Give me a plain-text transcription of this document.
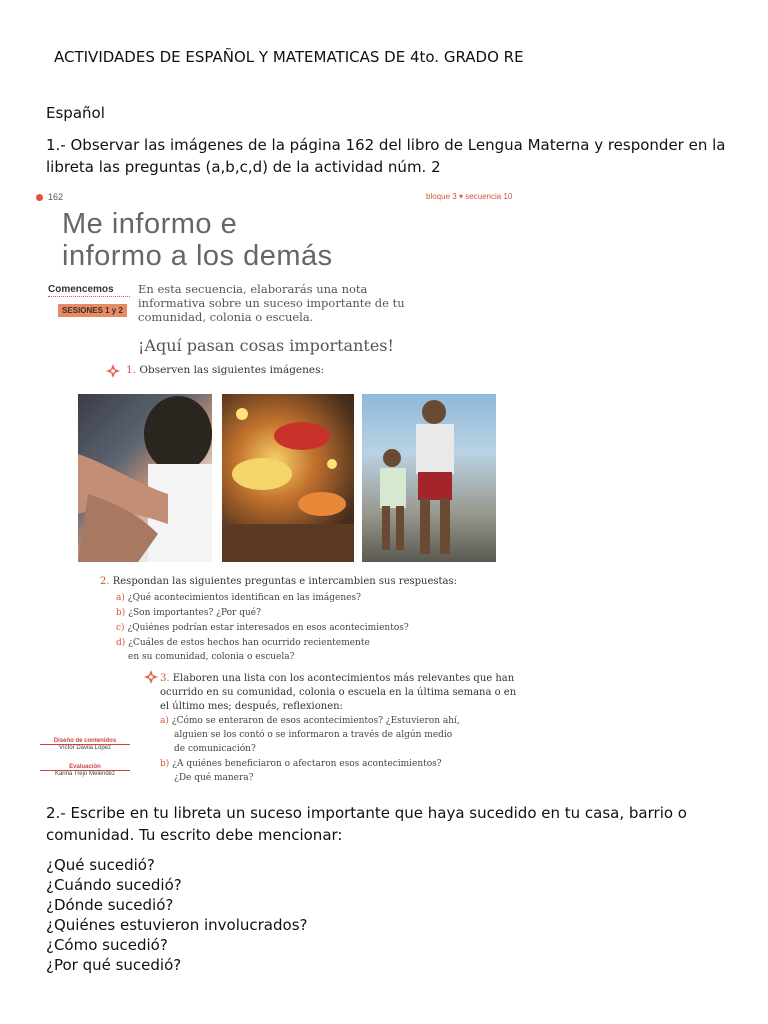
ACTIVIDADES DE ESPAÑOL Y MATEMATICAS DE 4to. GRADO RE
Español
1.- Observar las imágenes de la página 162 del libro de Lengua Materna y responder en la libreta las preguntas (a,b,c,d) de la actividad núm. 2
162	bloque 3 ▾ secuencia 10
Me informo e
informo a los demás
Comencemos
SESIONES 1 y 2
En esta secuencia, elaborarás una nota informativa sobre un suceso importante de tu comunidad, colonia o escuela.
¡Aquí pasan cosas importantes!
1. Observen las siguientes imágenes:
2. Respondan las siguientes preguntas e intercambien sus respuestas:
a) ¿Qué acontecimientos identifican en las imágenes?
b) ¿Son importantes? ¿Por qué?
c) ¿Quiénes podrían estar interesados en esos acontecimientos?
d) ¿Cuáles de estos hechos han ocurrido recientemente
en su comunidad, colonia o escuela?
3. Elaboren una lista con los acontecimientos más relevantes que han ocurrido en su comunidad, colonia o escuela en la última semana o en el último mes; después, reflexionen:
a) ¿Cómo se enteraron de esos acontecimientos? ¿Estuvieron ahí,
alguien se los contó o se informaron a través de algún medio
de comunicación?
b) ¿A quiénes beneficiaron o afectaron esos acontecimientos?
¿De qué manera?
Diseño de contenidos
Víctor Dávila López
Evaluación
Karina Trejo Meléndez
2.- Escribe en tu libreta un suceso importante que haya sucedido en tu casa, barrio o comunidad. Tu escrito debe mencionar:
¿Qué sucedió?
¿Cuándo sucedió?
¿Dónde sucedió?
¿Quiénes estuvieron involucrados?
¿Cómo sucedió?
¿Por qué sucedió?
